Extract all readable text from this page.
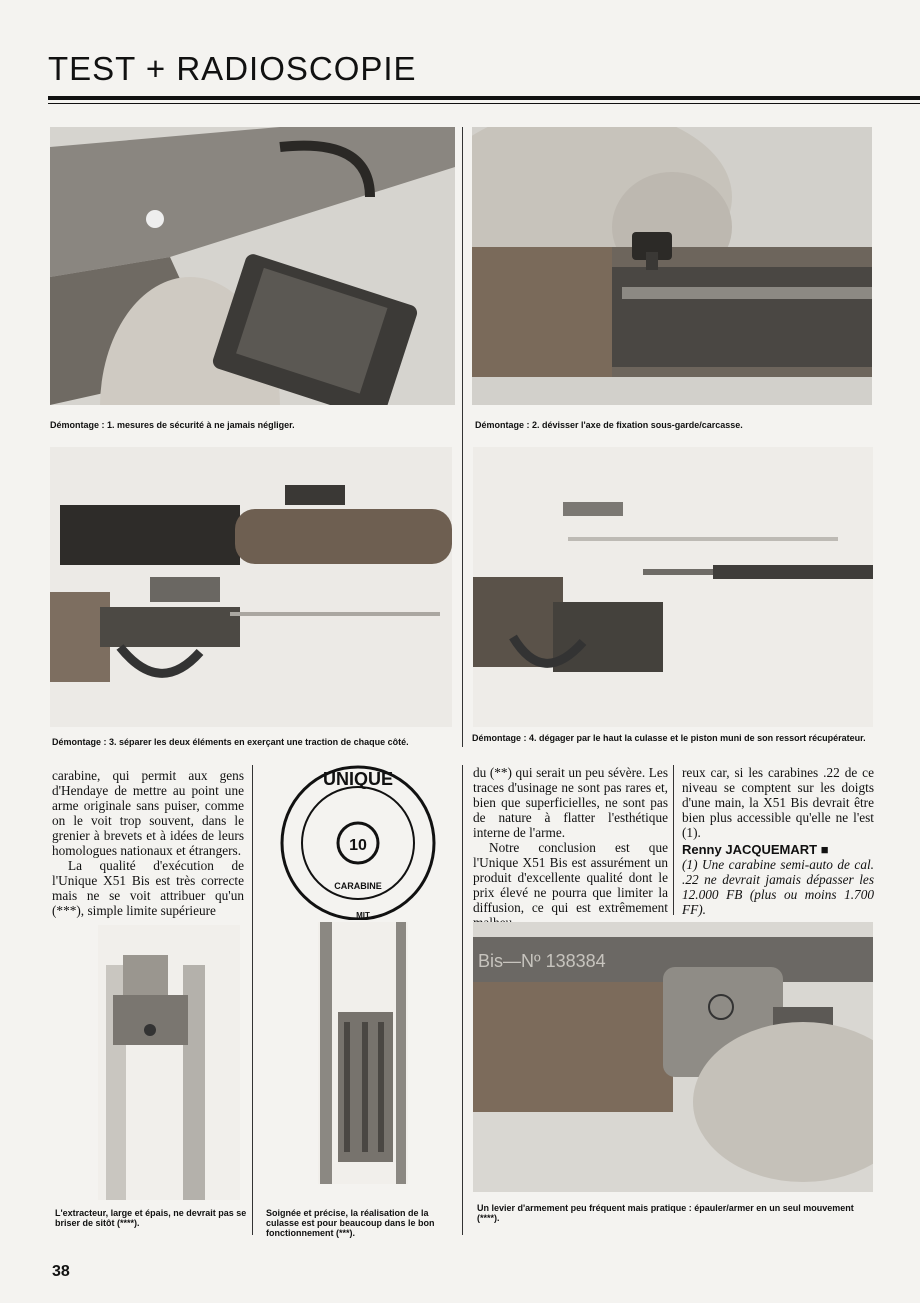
TEST + RADIOSCOPIE
Démontage : 1. mesures de sécurité à ne jamais négliger.	Démontage : 2. dévisser l'axe de fixation sous-garde/carcasse.
Démontage : 3. séparer les deux éléments en exerçant une traction de chaque côté.	Démontage : 4. dégager par le haut la culasse et le piston muni de son ressort récupérateur.

carabine, qui permit aux gens d'Hendaye de mettre au point une arme originale sans puiser, comme on le voit trop souvent, dans le grenier à brevets et à idées de leurs homologues nationaux et étrangers.

La qualité d'exécution de l'Unique X51 Bis est très correcte mais ne se voit attribuer qu'un (***), simple limite supérieure

UNIQUE
10
CARABINE
MIT

du (**) qui serait un peu sévère. Les traces d'usinage ne sont pas rares et, bien que superficielles, ne sont pas de nature à flatter l'esthétique interne de l'arme.

Notre conclusion est que l'Unique X51 Bis est assurément un produit d'excellente qualité dont le prix élevé ne pourra que limiter la diffusion, ce qui est extrêmement

reux car, si les carabines .22 de ce niveau se comptent sur les doigts d'une main, la X51 Bis devrait être bien plus accessible qu'elle ne l'est (1).

Renny JACQUEMART ■

(1) Une carabine semi-auto de cal. .22 ne devrait jamais dépasser les 12.000 FB (plus ou moins 1.700 FF).

Bis—Nº 138384
L'extracteur, large et épais, ne devrait pas se briser de sitôt (****).
Soignée et précise, la réalisation de la culasse est pour beaucoup dans le bon fonctionnement (***).
Un levier d'armement peu fréquent mais pratique : épauler/armer en un seul mouvement (****).
38
